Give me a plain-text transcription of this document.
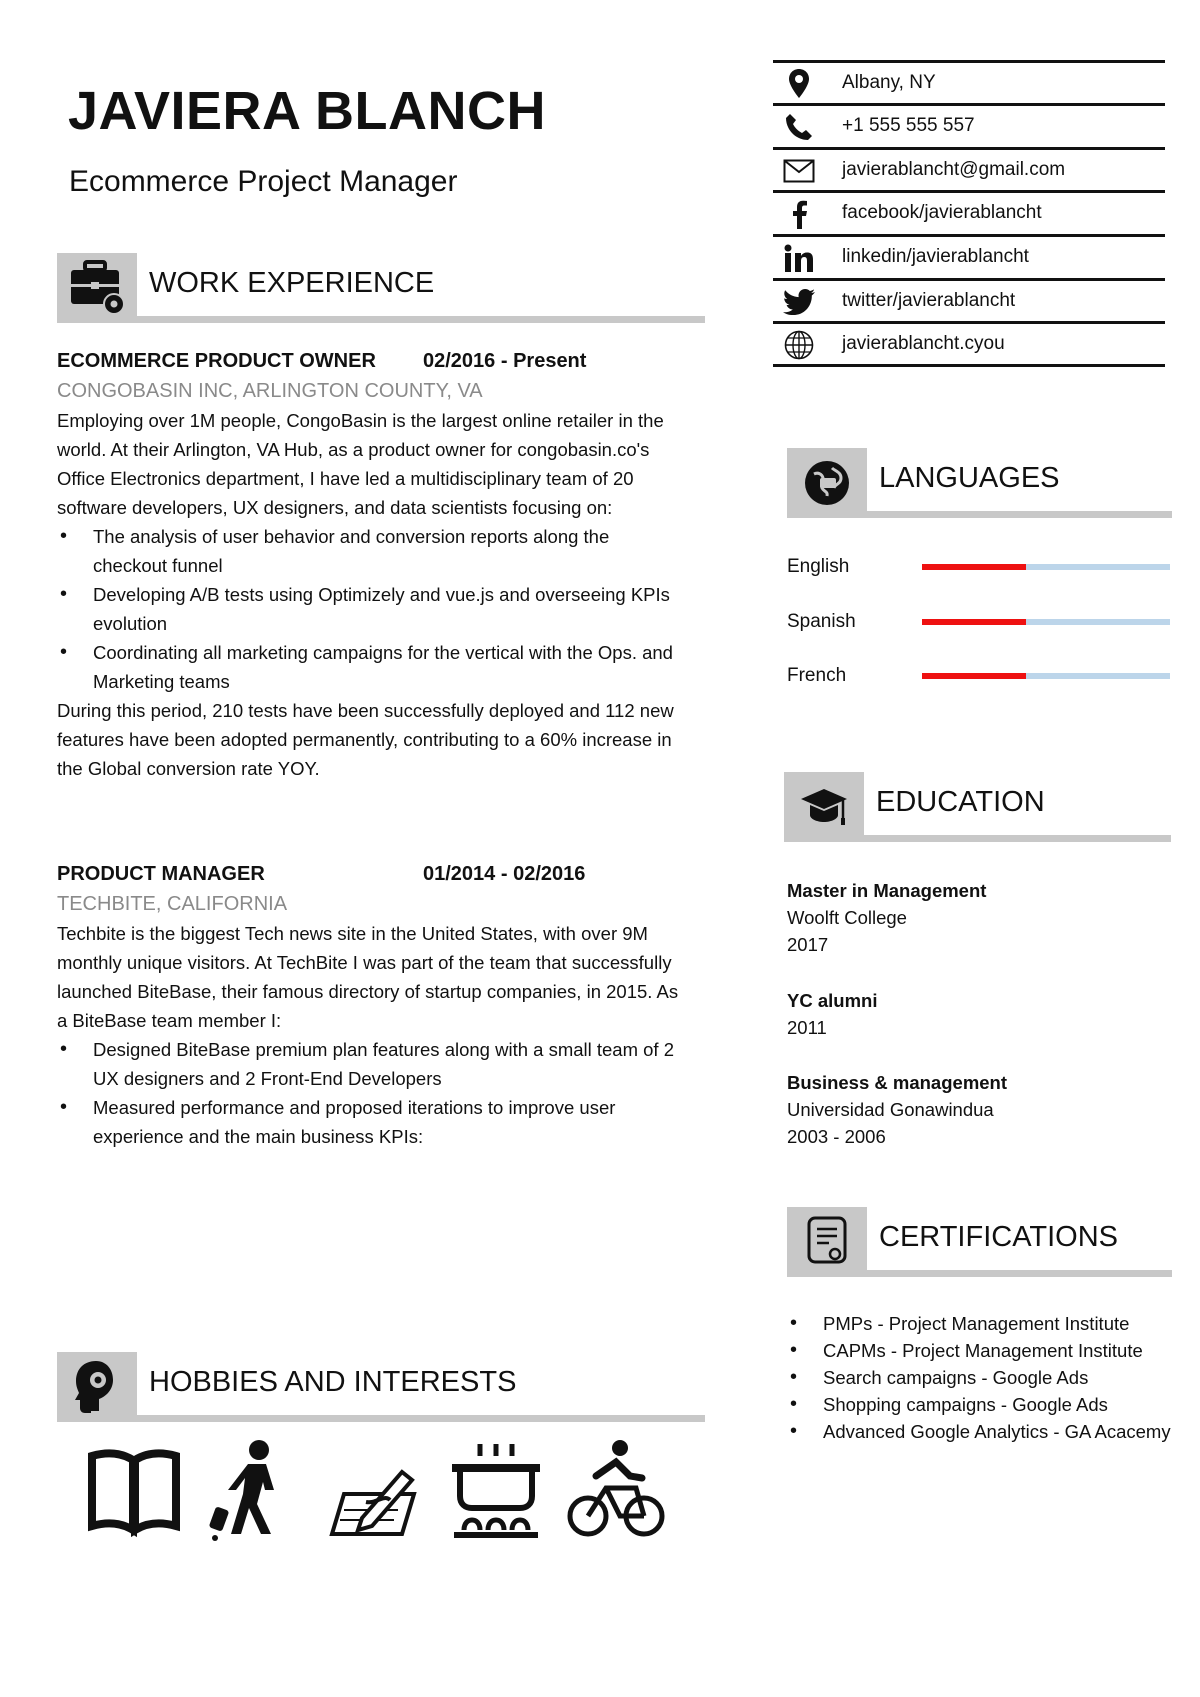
JAVIERA BLANCH
Ecommerce Project Manager
Albany, NY
+1 555 555 557
javierablancht@gmail.com
facebook/javierablancht
linkedin/javierablancht
twitter/javierablancht
javierablancht.cyou
WORK EXPERIENCE
ECOMMERCE PRODUCT OWNER 02/2016 - Present
CONGOBASIN INC, ARLINGTON COUNTY, VA

Employing over 1M people, CongoBasin is the largest online retailer in the world. At their Arlington, VA Hub, as a product owner for congobasin.co's Office Electronics department, I have led a multidisciplinary team of 20 software developers, UX designers, and data scientists focusing on:

• The analysis of user behavior and conversion reports along the checkout funnel
• Developing A/B tests using Optimizely and vue.js and overseeing KPIs evolution
• Coordinating all marketing campaigns for the vertical with the Ops. and Marketing teams

During this period, 210 tests have been successfully deployed and 112 new features have been adopted permanently, contributing to a 60% increase in the Global conversion rate YOY.

PRODUCT MANAGER	01/2014 - 02/2016
TECHBITE, CALIFORNIA

Techbite is the biggest Tech news site in the United States, with over 9M monthly unique visitors. At TechBite I was part of the team that successfully launched BiteBase, their famous directory of startup companies, in 2015. As a BiteBase team member I:

• Designed BiteBase premium plan features along with a small team of 2 UX designers and 2 Front-End Developers
• Measured performance and proposed iterations to improve user experience and the main business KPIs:
LANGUAGES
English
Spanish
French
EDUCATION
Master in Management
Woolft College
2017
YC alumni
2011
Business & management
Universidad Gonawindua
2003 - 2006
CERTIFICATIONS
• PMPs - Project Management Institute
• CAPMs - Project Management Institute
• Search campaigns - Google Ads
• Shopping campaigns - Google Ads
• Advanced Google Analytics - GA Acacemy
HOBBIES AND INTERESTS
